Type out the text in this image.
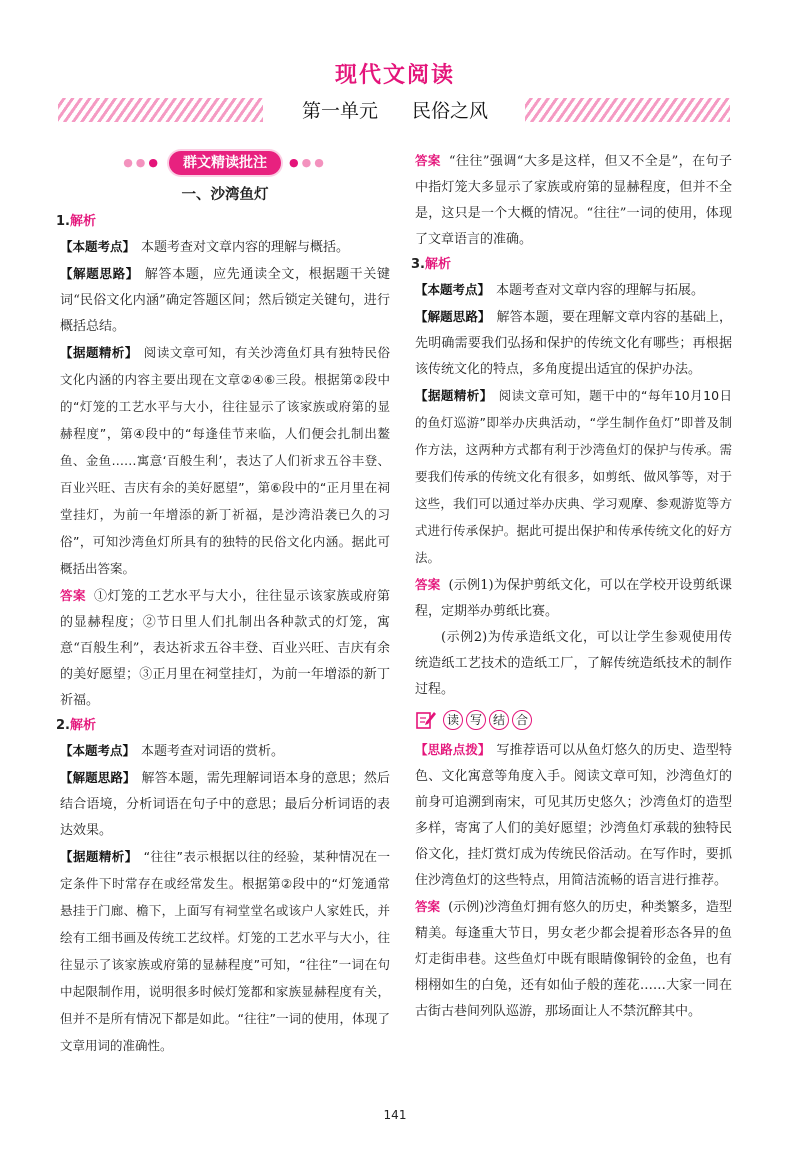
现代文阅读
第一单元 民俗之风
●●●	群文精读批注	●●●
一、沙湾鱼灯
1.解析

【本题考点】 本题考查对文章内容的理解与概括。

【解题思路】 解答本题，应先通读全文，根据题干关键词“民俗文化内涵”确定答题区间；然后锁定关键句，进行概括总结。

【据题精析】 阅读文章可知，有关沙湾鱼灯具有独特民俗文化内涵的内容主要出现在文章②④⑥三段。根据第②段中的“灯笼的工艺水平与大小，往往显示了该家族或府第的显赫程度”，第④段中的“每逢佳节来临，人们便会扎制出鳌鱼、金鱼……寓意‘百般生利’，表达了人们祈求五谷丰登、百业兴旺、吉庆有余的美好愿望”，第⑥段中的“正月里在祠堂挂灯，为前一年增添的新丁祈福，是沙湾沿袭已久的习俗”，可知沙湾鱼灯所具有的独特的民俗文化内涵。据此可概括出答案。

答案 ①灯笼的工艺水平与大小，往往显示该家族或府第的显赫程度；②节日里人们扎制出各种款式的灯笼，寓意“百般生利”，表达祈求五谷丰登、百业兴旺、吉庆有余的美好愿望；③正月里在祠堂挂灯，为前一年增添的新丁祈福。

2.解析

【本题考点】 本题考查对词语的赏析。

【解题思路】 解答本题，需先理解词语本身的意思；然后结合语境，分析词语在句子中的意思；最后分析词语的表达效果。

【据题精析】 “往往”表示根据以往的经验，某种情况在一定条件下时常存在或经常发生。根据第②段中的“灯笼通常悬挂于门廊、檐下，上面写有祠堂堂名或该户人家姓氏，并绘有工细书画及传统工艺纹样。灯笼的工艺水平与大小，往往显示了该家族或府第的显赫程度”可知，“往往”一词在句中起限制作用，说明很多时候灯笼都和家族显赫程度有关，但并不是所有情况下都是如此。“往往”一词的使用，体现了文章用词的准确性。

答案 “往往”强调“大多是这样，但又不全是”，在句子中指灯笼大多显示了家族或府第的显赫程度，但并不全是，这只是一个大概的情况。“往往”一词的使用，体现了文章语言的准确。

3.解析

【本题考点】 本题考查对文章内容的理解与拓展。

【解题思路】 解答本题，要在理解文章内容的基础上，先明确需要我们弘扬和保护的传统文化有哪些；再根据该传统文化的特点，多角度提出适宜的保护办法。

【据题精析】 阅读文章可知，题干中的“每年10月10日的鱼灯巡游”即举办庆典活动，“学生制作鱼灯”即普及制作方法，这两种方式都有利于沙湾鱼灯的保护与传承。需要我们传承的传统文化有很多，如剪纸、做风筝等，对于这些，我们可以通过举办庆典、学习观摩、参观游览等方式进行传承保护。据此可提出保护和传承传统文化的好方法。

答案 (示例1)为保护剪纸文化，可以在学校开设剪纸课程，定期举办剪纸比赛。

(示例2)为传承造纸文化，可以让学生参观使用传统造纸工艺技术的造纸工厂，了解传统造纸技术的制作过程。

读 写 结 合

【思路点拨】 写推荐语可以从鱼灯悠久的历史、造型特色、文化寓意等角度入手。阅读文章可知，沙湾鱼灯的前身可追溯到南宋，可见其历史悠久；沙湾鱼灯的造型多样，寄寓了人们的美好愿望；沙湾鱼灯承载的独特民俗文化，挂灯赏灯成为传统民俗活动。在写作时，要抓住沙湾鱼灯的这些特点，用简洁流畅的语言进行推荐。

答案 (示例)沙湾鱼灯拥有悠久的历史，种类繁多，造型精美。每逢重大节日，男女老少都会提着形态各异的鱼灯走街串巷。这些鱼灯中既有眼睛像铜铃的金鱼，也有栩栩如生的白兔，还有如仙子般的莲花……大家一同在古街古巷间列队巡游，那场面让人不禁沉醉其中。

141
